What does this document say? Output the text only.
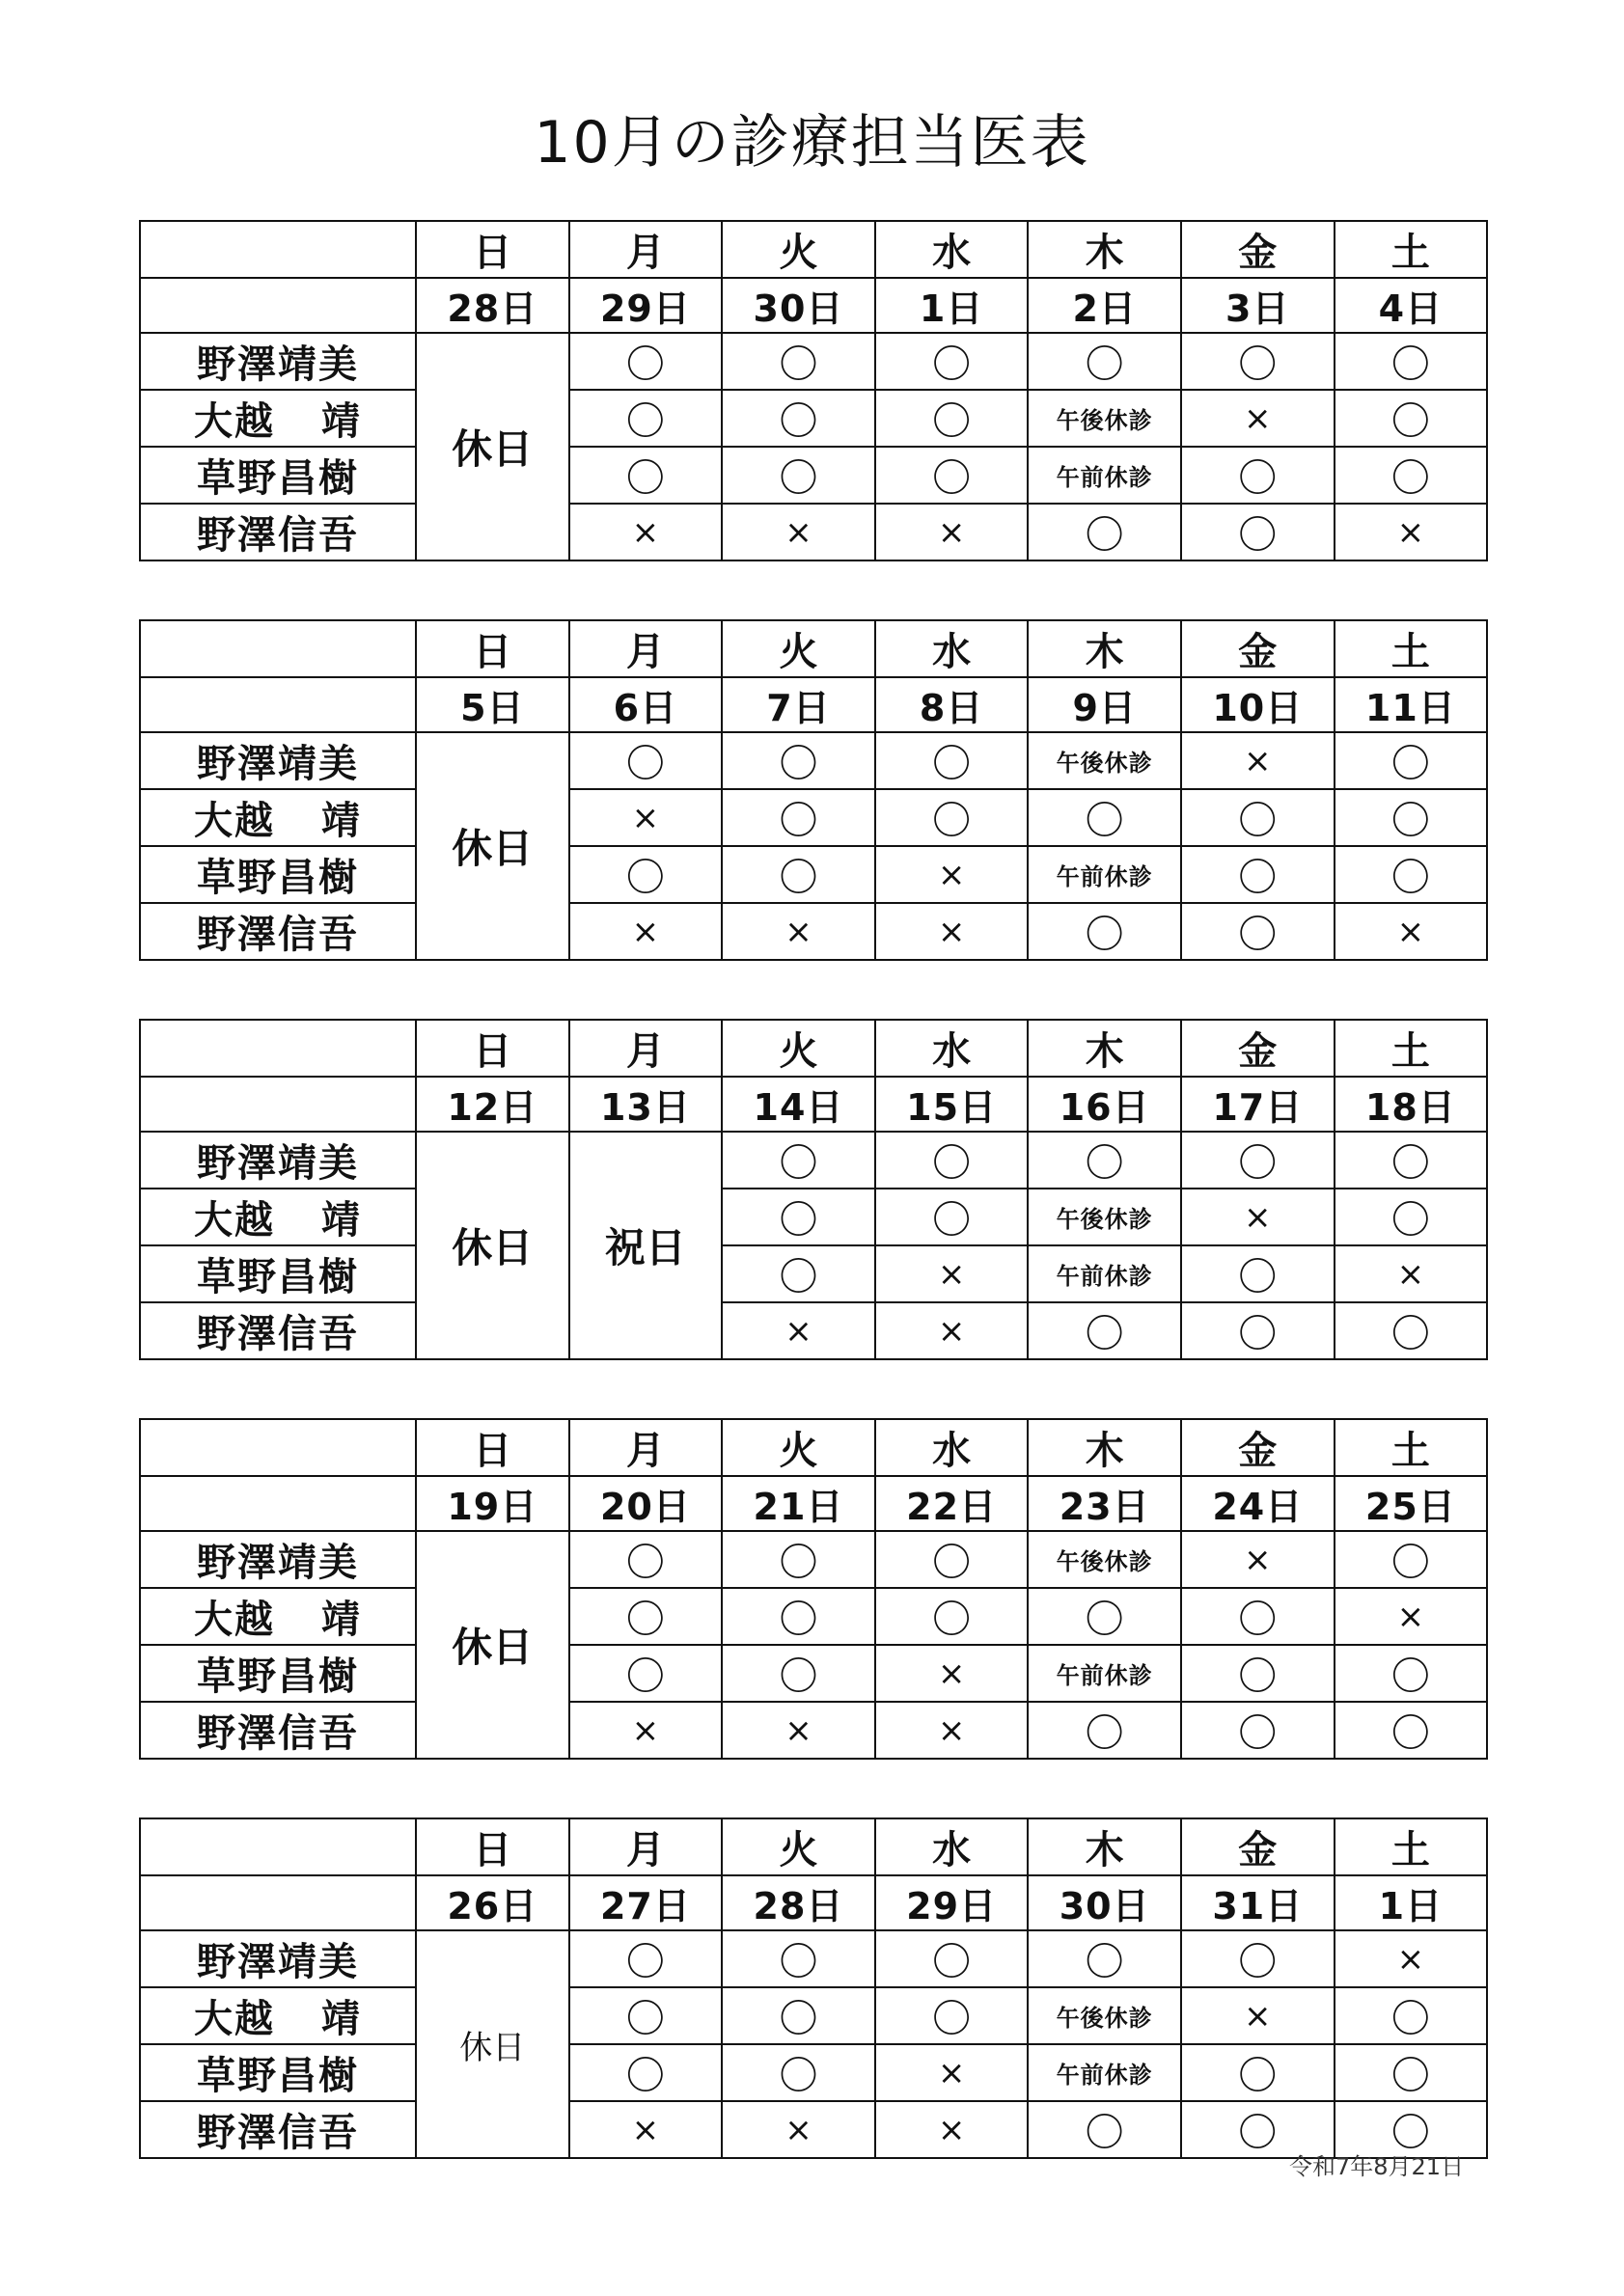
10月の診療担当医表
	日	月	火	水	木	金	土
	28日	29日	30日	1日	2日	3日	4日
野澤靖美	休日	〇	〇	〇	〇	〇	〇
大越 靖		〇	〇	〇	午後休診	×	〇
草野昌樹		〇	〇	〇	午前休診	〇	〇
野澤信吾		×	×	×	〇	〇	×
	日	月	火	水	木	金	土
	5日	6日	7日	8日	9日	10日	11日
野澤靖美	休日	〇	〇	〇	午後休診	×	〇
大越 靖		×	〇	〇	〇	〇	〇
草野昌樹		〇	〇	×	午前休診	〇	〇
野澤信吾		×	×	×	〇	〇	×
	日	月	火	水	木	金	土
	12日	13日	14日	15日	16日	17日	18日
野澤靖美	休日	祝日	〇	〇	〇	〇	〇
大越 靖			〇	〇	午後休診	×	〇
草野昌樹			〇	×	午前休診	〇	×
野澤信吾			×	×	〇	〇	〇
	日	月	火	水	木	金	土
	19日	20日	21日	22日	23日	24日	25日
野澤靖美	休日	〇	〇	〇	午後休診	×	〇
大越 靖		〇	〇	〇	〇	〇	×
草野昌樹		〇	〇	×	午前休診	〇	〇
野澤信吾		×	×	×	〇	〇	〇
	日	月	火	水	木	金	土
	26日	27日	28日	29日	30日	31日	1日
野澤靖美	休日	〇	〇	〇	〇	〇	×
大越 靖		〇	〇	〇	午後休診	×	〇
草野昌樹		〇	〇	×	午前休診	〇	〇
野澤信吾		×	×	×	〇	〇	〇
令和7年8月21日
